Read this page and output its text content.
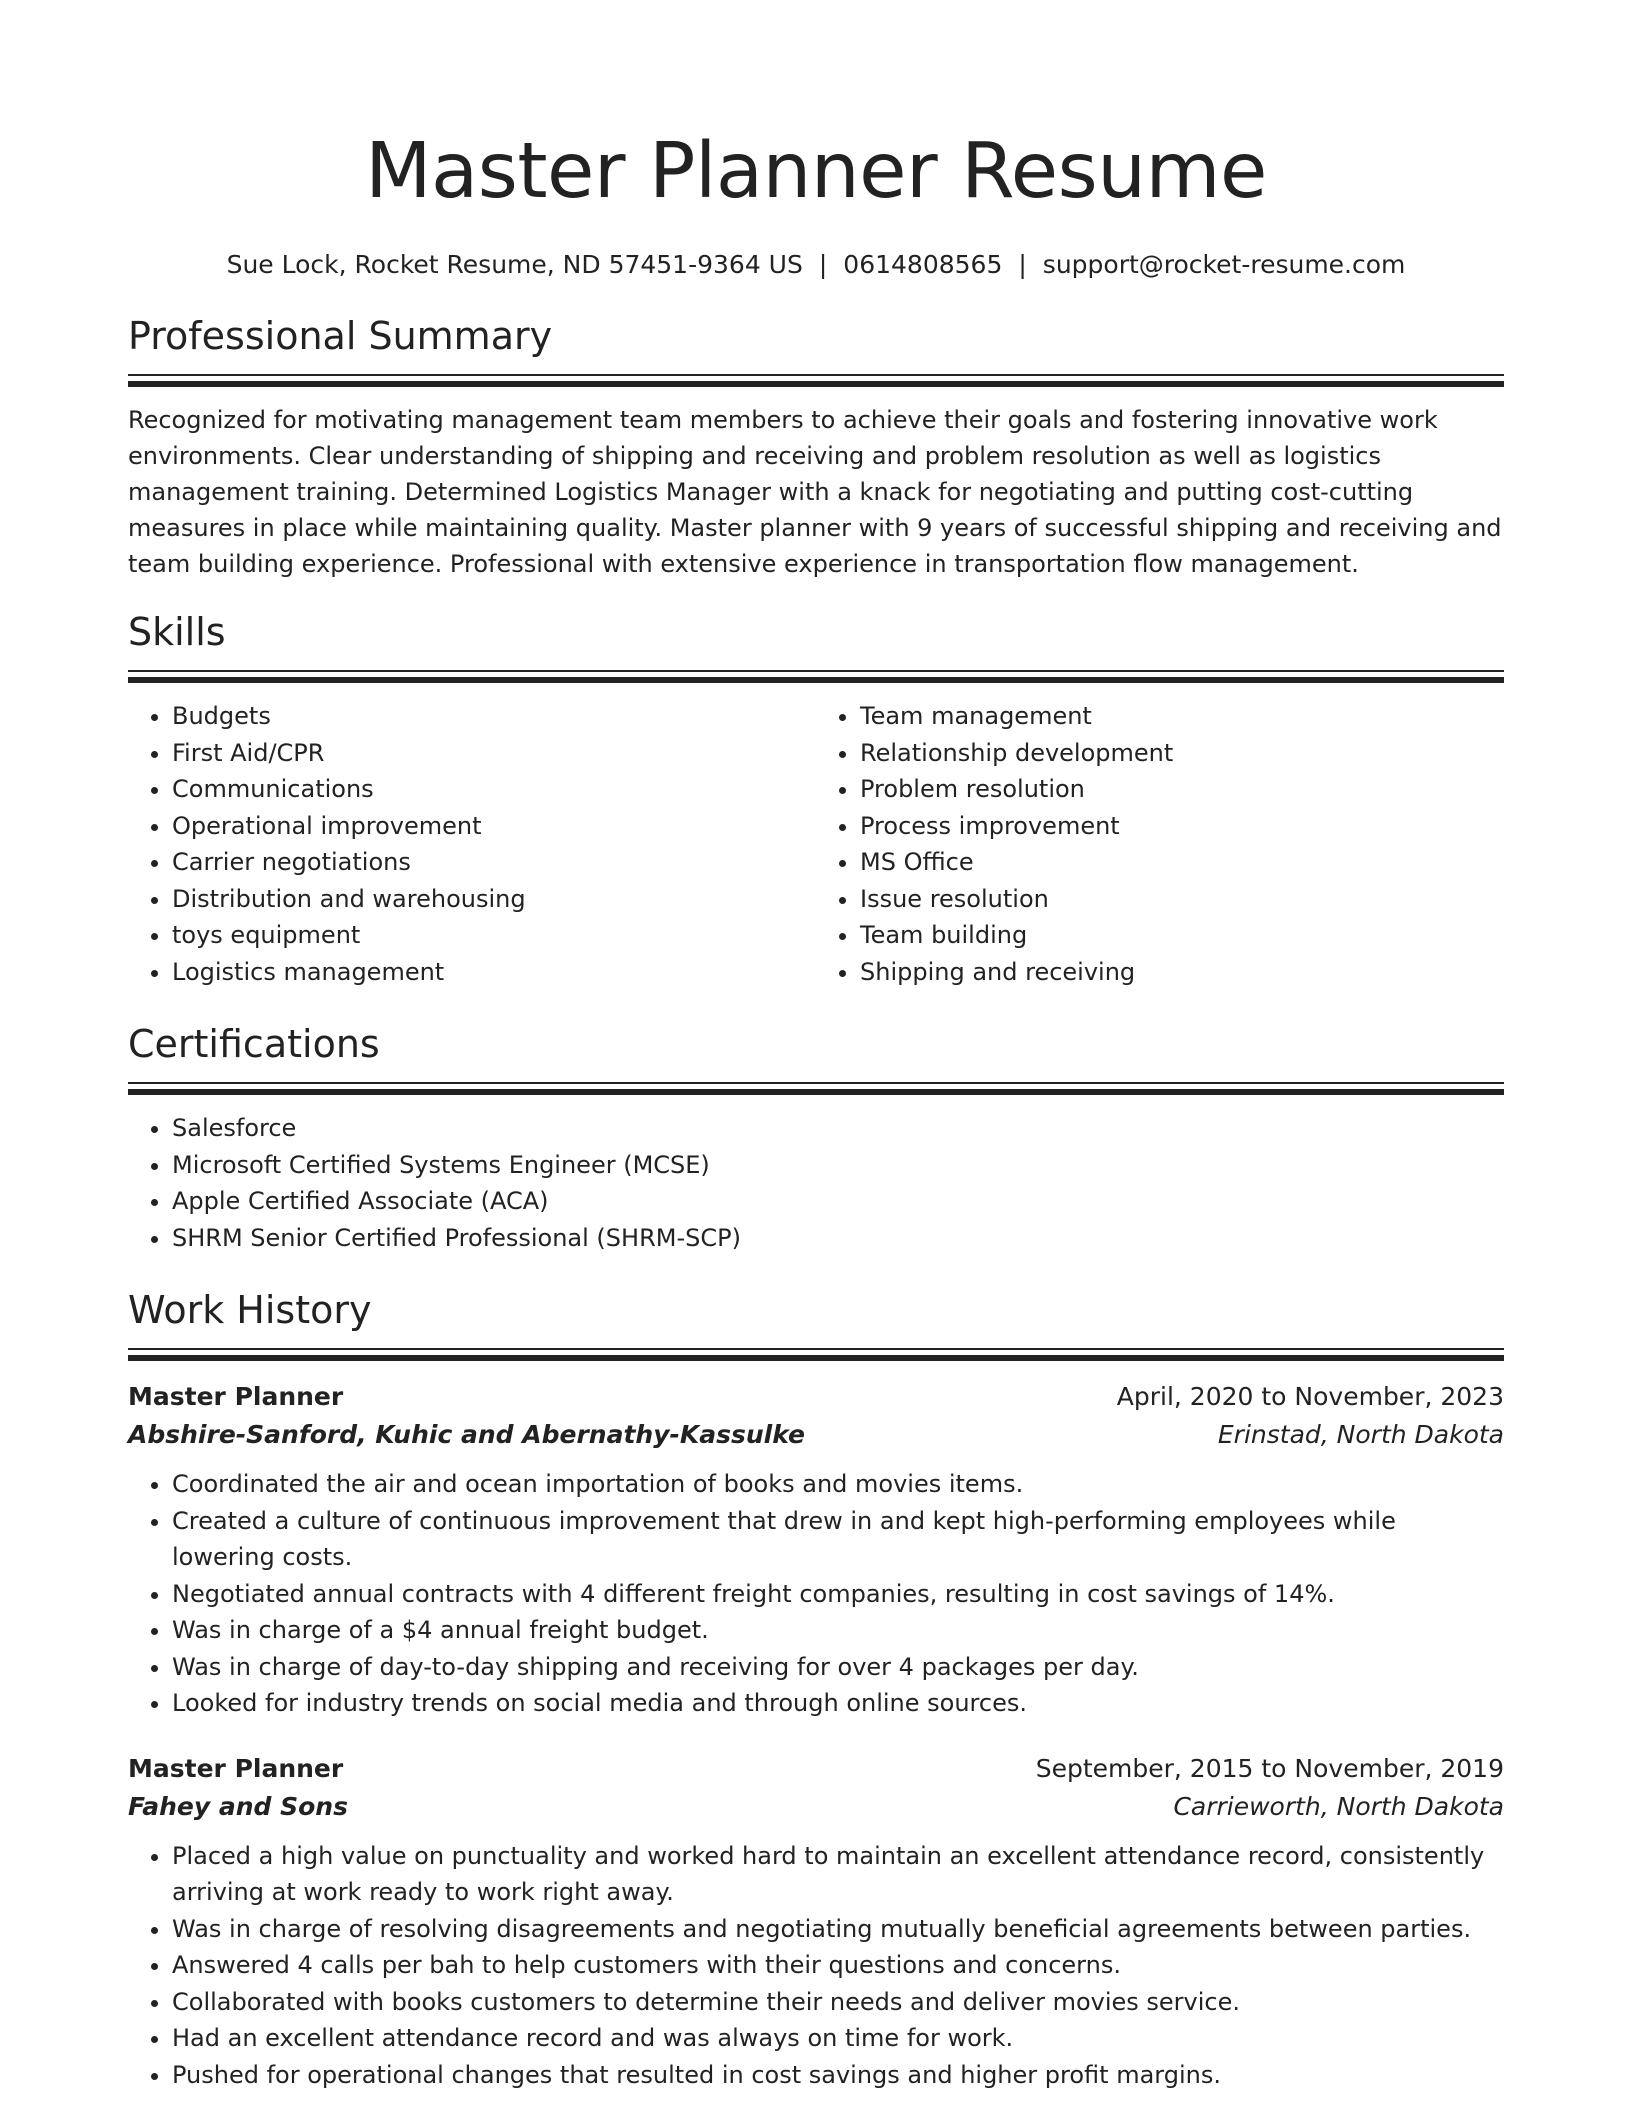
Master Planner Resume
Sue Lock, Rocket Resume, ND 57451-9364 US | 0614808565 | support@rocket-resume.com
Professional Summary

Recognized for motivating management team members to achieve their goals and fostering innovative work environments. Clear understanding of shipping and receiving and problem resolution as well as logistics management training. Determined Logistics Manager with a knack for negotiating and putting cost-cutting measures in place while maintaining quality. Master planner with 9 years of successful shipping and receiving and team building experience. Professional with extensive experience in transportation flow management.

Skills
• Budgets
• First Aid/CPR
• Communications
• Operational improvement
• Carrier negotiations
• Distribution and warehousing
• toys equipment
• Logistics management
• Team management
• Relationship development
• Problem resolution
• Process improvement
• MS Office
• Issue resolution
• Team building
• Shipping and receiving
Certifications
• Salesforce
• Microsoft Certified Systems Engineer (MCSE)
• Apple Certified Associate (ACA)
• SHRM Senior Certified Professional (SHRM-SCP)
Work History
Master Planner	April, 2020 to November, 2023
Abshire-Sanford, Kuhic and Abernathy-Kassulke	Erinstad, North Dakota
• Coordinated the air and ocean importation of books and movies items.
• Created a culture of continuous improvement that drew in and kept high-performing employees while lowering costs.
• Negotiated annual contracts with 4 different freight companies, resulting in cost savings of 14%.
• Was in charge of a $4 annual freight budget.
• Was in charge of day-to-day shipping and receiving for over 4 packages per day.
• Looked for industry trends on social media and through online sources.
Master Planner	September, 2015 to November, 2019
Fahey and Sons	Carrieworth, North Dakota
• Placed a high value on punctuality and worked hard to maintain an excellent attendance record, consistently arriving at work ready to work right away.
• Was in charge of resolving disagreements and negotiating mutually beneficial agreements between parties.
• Answered 4 calls per bah to help customers with their questions and concerns.
• Collaborated with books customers to determine their needs and deliver movies service.
• Had an excellent attendance record and was always on time for work.
• Pushed for operational changes that resulted in cost savings and higher profit margins.
